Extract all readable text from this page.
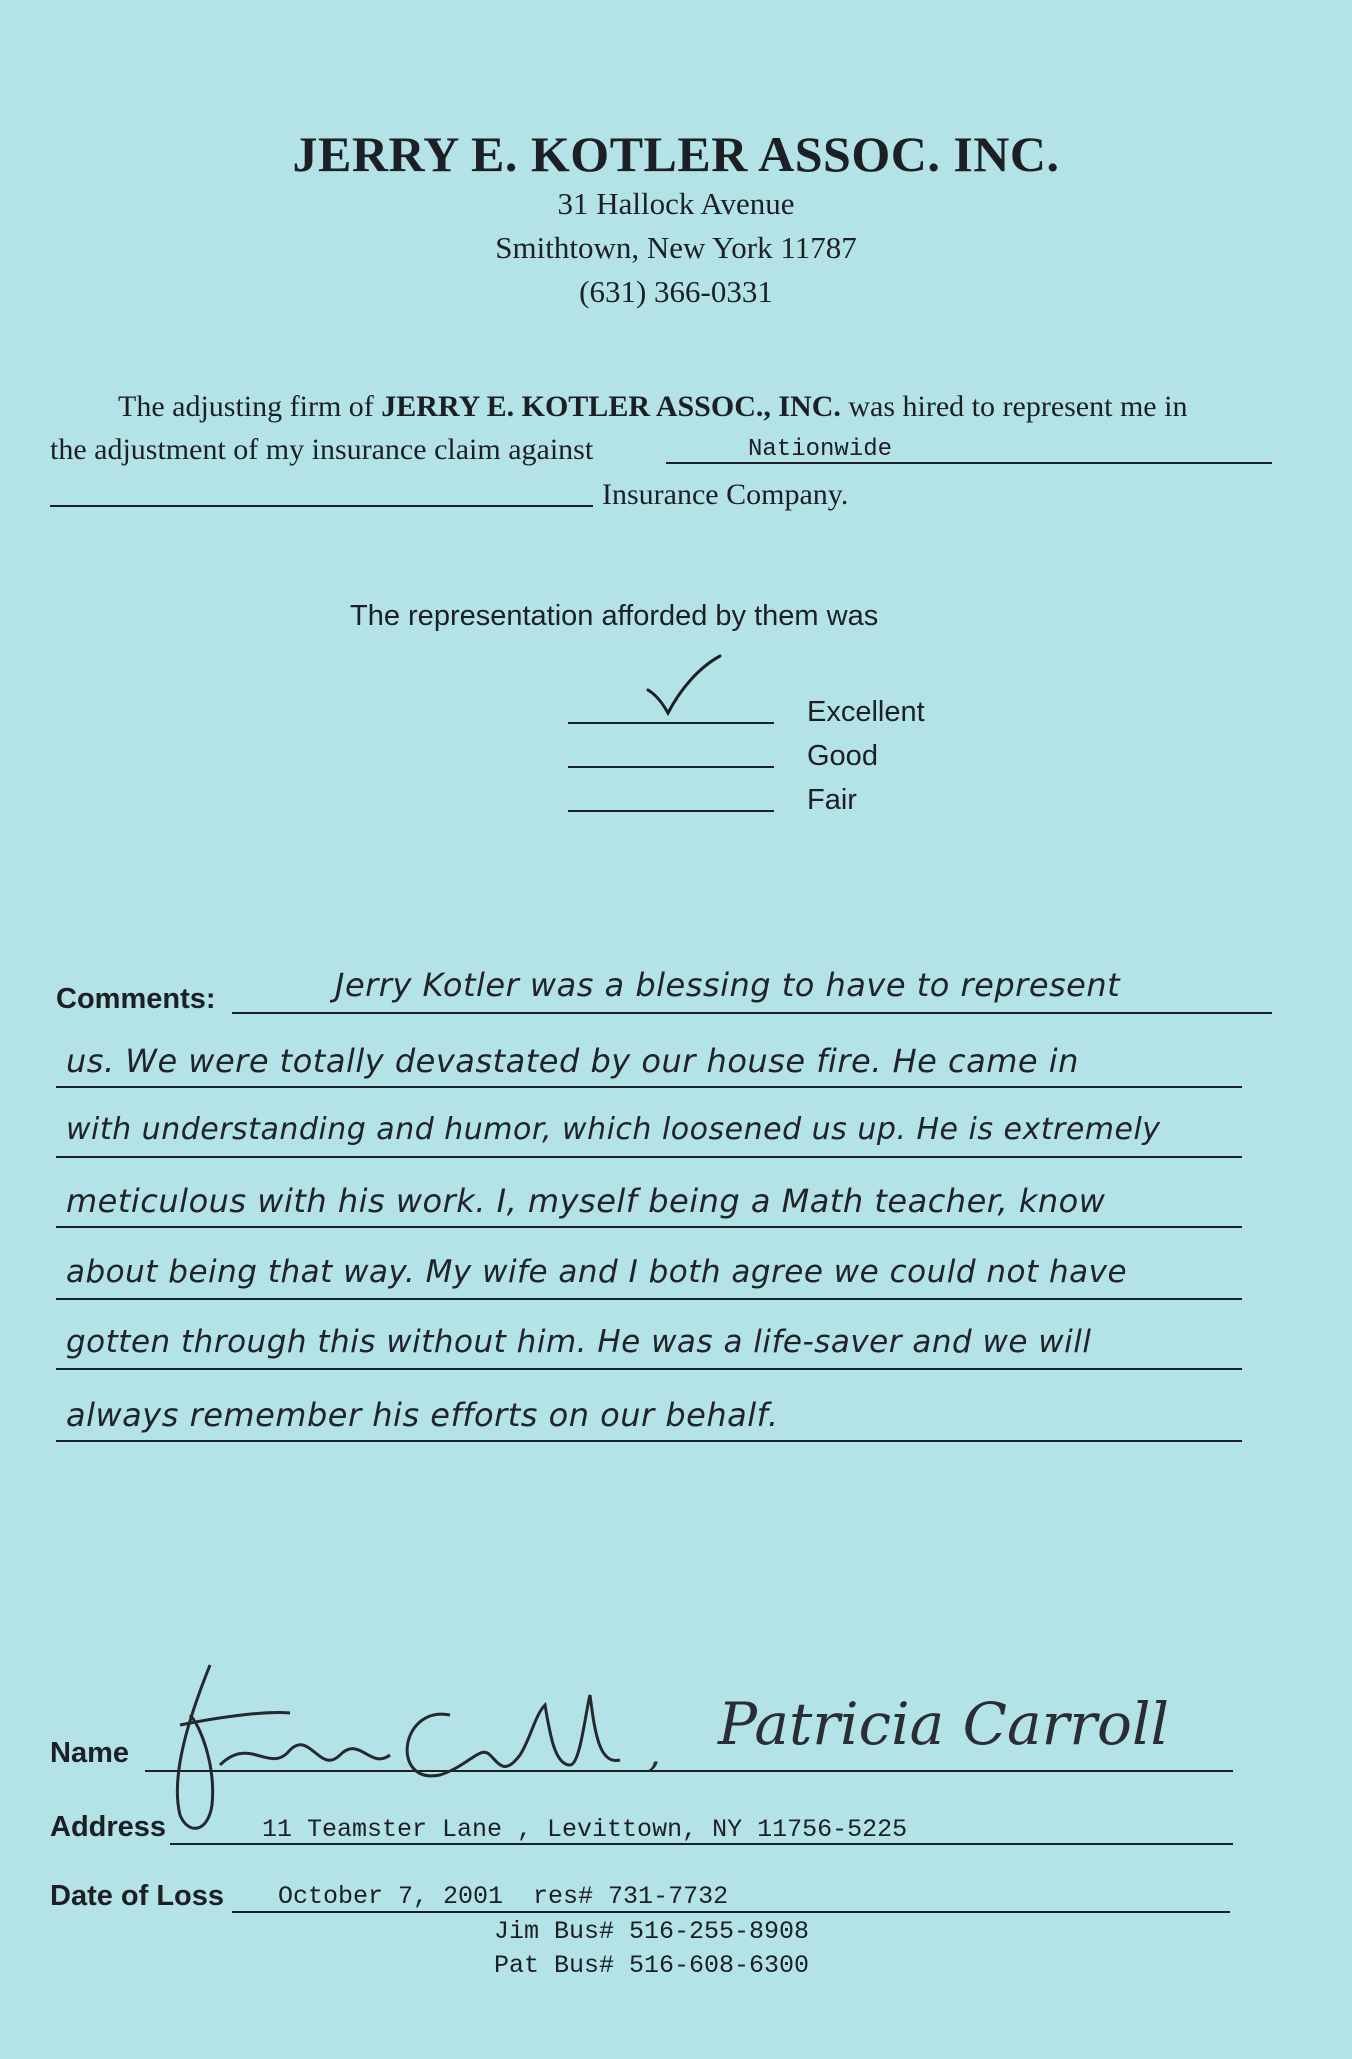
JERRY E. KOTLER ASSOC. INC.
31 Hallock Avenue
Smithtown, New York 11787
(631) 366-0331
The adjusting firm of JERRY E. KOTLER ASSOC., INC. was hired to represent me in
the adjustment of my insurance claim against	Nationwide
Insurance Company.
The representation afforded by them was
Excellent
Good
Fair
Comments:	Jerry Kotler was a blessing to have to represent
us. We were totally devastated by our house fire. He came in
with understanding and humor, which loosened us up. He is extremely
meticulous with his work. I, myself being a Math teacher, know
about being that way. My wife and I both agree we could not have
gotten through this without him. He was a life-saver and we will
always remember his efforts on our behalf.
Name	, Patricia Carroll
Address	11 Teamster Lane , Levittown, NY 11756-5225
Date of Loss October 7, 2001  res# 731-7732
Jim Bus# 516-255-8908
Pat Bus# 516-608-6300
